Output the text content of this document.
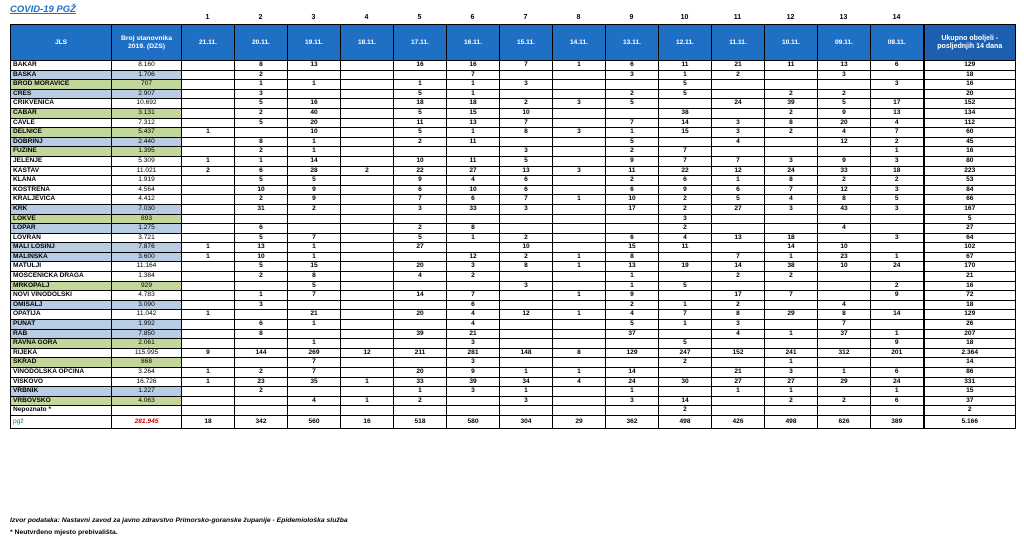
COVID-19 PGŽ
1	2	3	4	5	6	7	8	9	10	11	12	13	14
JLS	Broj stanovnika 2019. (DZS)	21.11.	20.11.	19.11.	18.11.	17.11.	16.11.	15.11.	14.11.	13.11.	12.11.	11.11.	10.11.	09.11.	08.11.	Ukupno oboljeli - posljednjih 14 dana
BAKAR	8.160		8	13		16	16	7	1	6	11	21	11	13	6	129
BAŠKA	1.706		2				7			3	1	2		3		18
BROD MORAVICE	707		1	1		1	1	3			5				3	16
CRES	2.907		3			5	1			2	5		2	2		20
CRIKVENICA	10.692		5	16		18	18	2	3	5		24	39	5	17	152
ČABAR	3.131		2	40		5	15	10			38		2	9	13	134
ČAVLE	7.312		5	20		11	13	7		7	14	3	8	20	4	112
DELNICE	5.437	1		10		5	1	8	3	1	15	3	2	4	7	60
DOBRINJ	2.440		8	1		2	11			5		4		12	2	45
FUŽINE	1.395		2	1				3		2	7				1	16
JELENJE	5.309	1	1	14		10	11	5		9	7	7	3	9	3	80
KASTAV	11.021	2	6	28	2	22	27	13	3	11	22	12	24	33	18	223
KLANA	1.919		5	5		9	4	6		2	6	1	8	2	2	53
KOSTRENA	4.564		10	9		6	10	6		6	9	6	7	12	3	84
KRALJEVICA	4.412		2	9		7	6	7	1	10	2	5	4	8	5	66
KRK	7.030		31	2		3	33	3		17	2	27	3	43	3	167
LOKVE	893										3					5
LOPAR	1.275		6			2	8				2			4		27
LOVRAN	3.721		5	7		5	1	2		6	4	13	18		3	64
MALI LOŠINJ	7.876	1	13	1		27		10		15	11		14	10		102
MALINSKA	3.600	1	10	1			12	2	1	8		7	1	23	1	67
MATULJI	11.164		5	15		20	3	8	1	13	19	14	38	10	24	170
MOŠĆENIČKA DRAGA	1.384		2	8		4	2			1		2	2			21
MRKOPALJ	929			5				3		1	5				2	16
NOVI VINODOLSKI	4.783		1	7		14	7		1	9		17	7		9	72
OMIŠALJ	3.090		3				6			2	1	2		4		18
OPATIJA	11.042	1		21		20	4	12	1	4	7	8	29	8	14	129
PUNAT	1.992		6	1			4			5	1	3		7		26
RAB	7.850		8			39	21			37		4	1	37	1	207
RAVNA GORA	2.061			1			3				5				9	18
RIJEKA	115.995	9	144	269	12	211	281	148	8	129	247	152	241	312	201	2.364
SKRAD	868			7			3				2		1			14
VINODOLSKA OPĆINA	3.264	1	2	7		20	9	1	1	14		21	3	1	6	86
VIŠKOVO	16.726	1	23	35	1	33	39	34	4	24	30	27	27	29	24	331
VRBNIK	1.227		2			1	3	1		1		1	1		1	15
VRBOVSKO	4.063			4	1	2		3		3	14		2	2	6	37
Nepoznato *											2					2
pgž	281.945	18	342	560	16	518	580	304	29	362	498	426	498	626	389	5.166
Izvor podataka: Nastavni zavod za javno zdravstvo Primorsko-goranske županije - Epidemiološka služba
* Neutvrđeno mjesto prebivališta.
